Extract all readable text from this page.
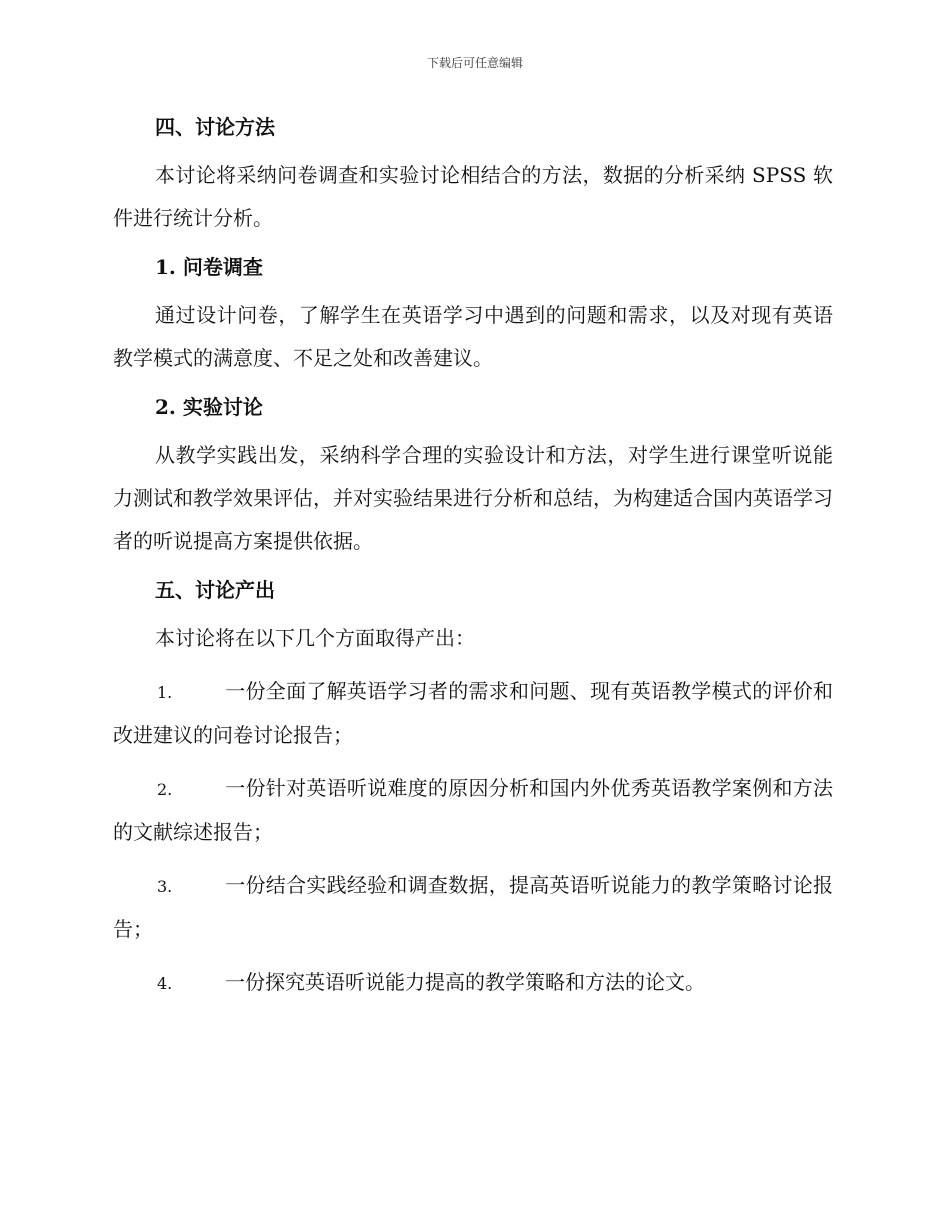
下载后可任意编辑

四、讨论方法

本讨论将采纳问卷调查和实验讨论相结合的方法，数据的分析采纳 SPSS 软件进行统计分析。

1. 问卷调查

通过设计问卷，了解学生在英语学习中遇到的问题和需求，以及对现有英语教学模式的满意度、不足之处和改善建议。

2. 实验讨论

从教学实践出发，采纳科学合理的实验设计和方法，对学生进行课堂听说能力测试和教学效果评估，并对实验结果进行分析和总结，为构建适合国内英语学习者的听说提高方案提供依据。

五、讨论产出

本讨论将在以下几个方面取得产出：

1.	一份全面了解英语学习者的需求和问题、现有英语教学模式的评价和改进建议的问卷讨论报告；

2.	一份针对英语听说难度的原因分析和国内外优秀英语教学案例和方法的文献综述报告；

3.	一份结合实践经验和调查数据，提高英语听说能力的教学策略讨论报告；

4.	一份探究英语听说能力提高的教学策略和方法的论文。
